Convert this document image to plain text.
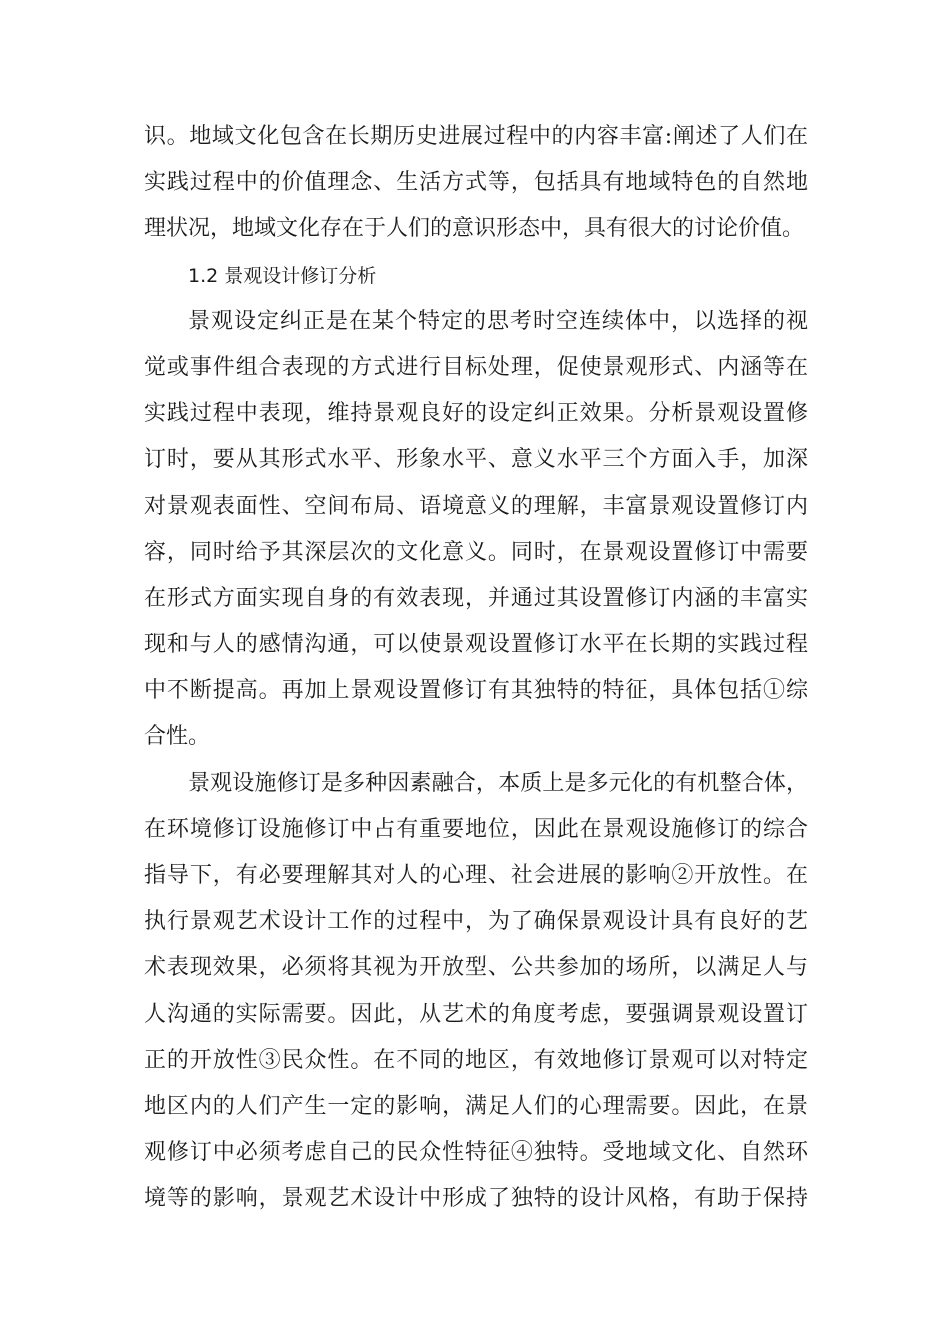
识。地域文化包含在长期历史进展过程中的内容丰富:阐述了人们在
实践过程中的价值理念、生活方式等，包括具有地域特色的自然地
理状况，地域文化存在于人们的意识形态中，具有很大的讨论价值。
1.2 景观设计修订分析
景观设定纠正是在某个特定的思考时空连续体中，以选择的视
觉或事件组合表现的方式进行目标处理，促使景观形式、内涵等在
实践过程中表现，维持景观良好的设定纠正效果。分析景观设置修
订时，要从其形式水平、形象水平、意义水平三个方面入手，加深
对景观表面性、空间布局、语境意义的理解，丰富景观设置修订内
容，同时给予其深层次的文化意义。同时，在景观设置修订中需要
在形式方面实现自身的有效表现，并通过其设置修订内涵的丰富实
现和与人的感情沟通，可以使景观设置修订水平在长期的实践过程
中不断提高。再加上景观设置修订有其独特的特征，具体包括①综
合性。
景观设施修订是多种因素融合，本质上是多元化的有机整合体，
在环境修订设施修订中占有重要地位，因此在景观设施修订的综合
指导下，有必要理解其对人的心理、社会进展的影响②开放性。在
执行景观艺术设计工作的过程中，为了确保景观设计具有良好的艺
术表现效果，必须将其视为开放型、公共参加的场所，以满足人与
人沟通的实际需要。因此，从艺术的角度考虑，要强调景观设置订
正的开放性③民众性。在不同的地区，有效地修订景观可以对特定
地区内的人们产生一定的影响，满足人们的心理需要。因此，在景
观修订中必须考虑自己的民众性特征④独特。受地域文化、自然环
境等的影响，景观艺术设计中形成了独特的设计风格，有助于保持
